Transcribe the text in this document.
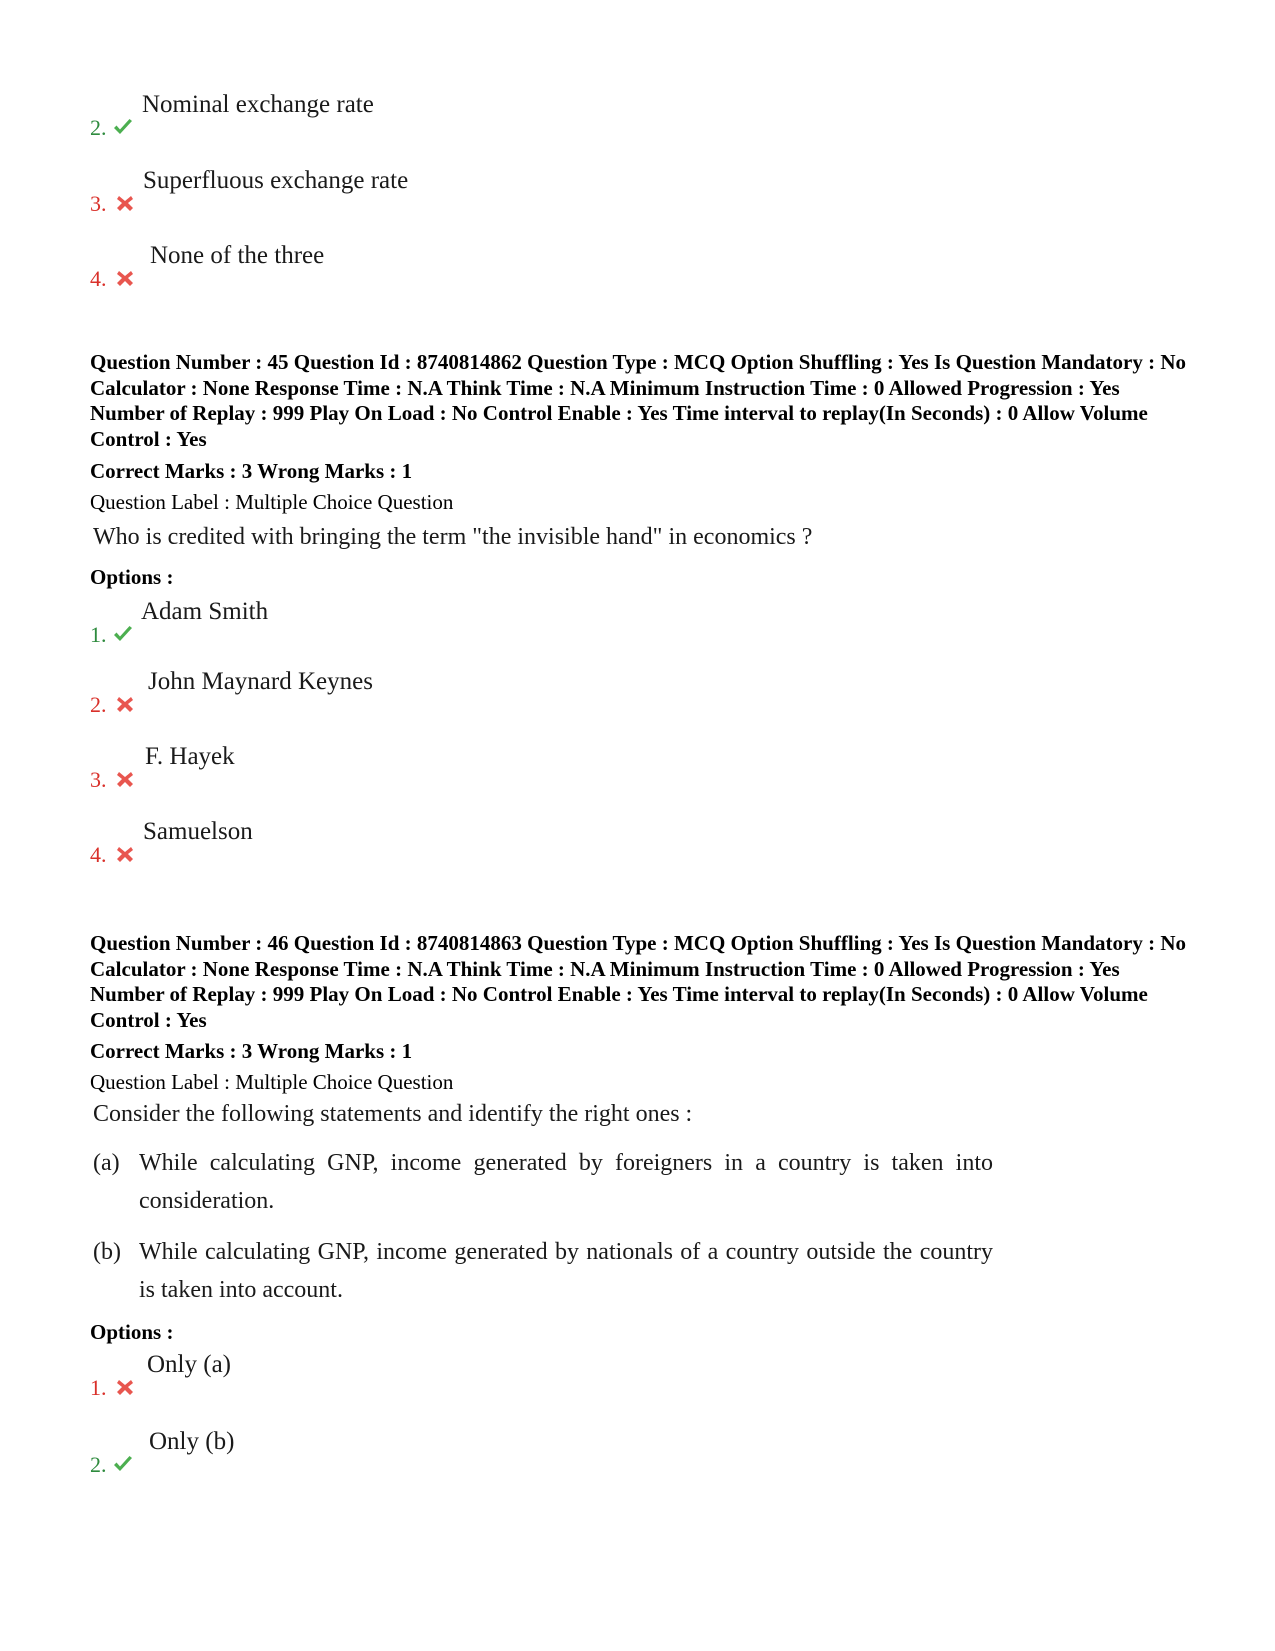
2.
Nominal exchange rate
3.
Superfluous exchange rate
4.
None of the three

Question Number : 45 Question Id : 8740814862 Question Type : MCQ Option Shuffling : Yes Is Question Mandatory : No Calculator : None Response Time : N.A Think Time : N.A Minimum Instruction Time : 0 Allowed Progression : Yes Number of Replay : 999 Play On Load : No Control Enable : Yes Time interval to replay(In Seconds) : 0 Allow Volume Control : Yes

Correct Marks : 3 Wrong Marks : 1
Question Label : Multiple Choice Question
Who is credited with bringing the term "the invisible hand" in economics ?
Options :
1.
Adam Smith
2.
John Maynard Keynes
3.
F. Hayek
4.
Samuelson

Question Number : 46 Question Id : 8740814863 Question Type : MCQ Option Shuffling : Yes Is Question Mandatory : No Calculator : None Response Time : N.A Think Time : N.A Minimum Instruction Time : 0 Allowed Progression : Yes Number of Replay : 999 Play On Load : No Control Enable : Yes Time interval to replay(In Seconds) : 0 Allow Volume Control : Yes

Correct Marks : 3 Wrong Marks : 1
Question Label : Multiple Choice Question
Consider the following statements and identify the right ones :
(a) While calculating GNP, income generated by foreigners in a country is taken into consideration.
(b) While calculating GNP, income generated by nationals of a country outside the country is taken into account.
Options :
1.
Only (a)
2.
Only (b)
